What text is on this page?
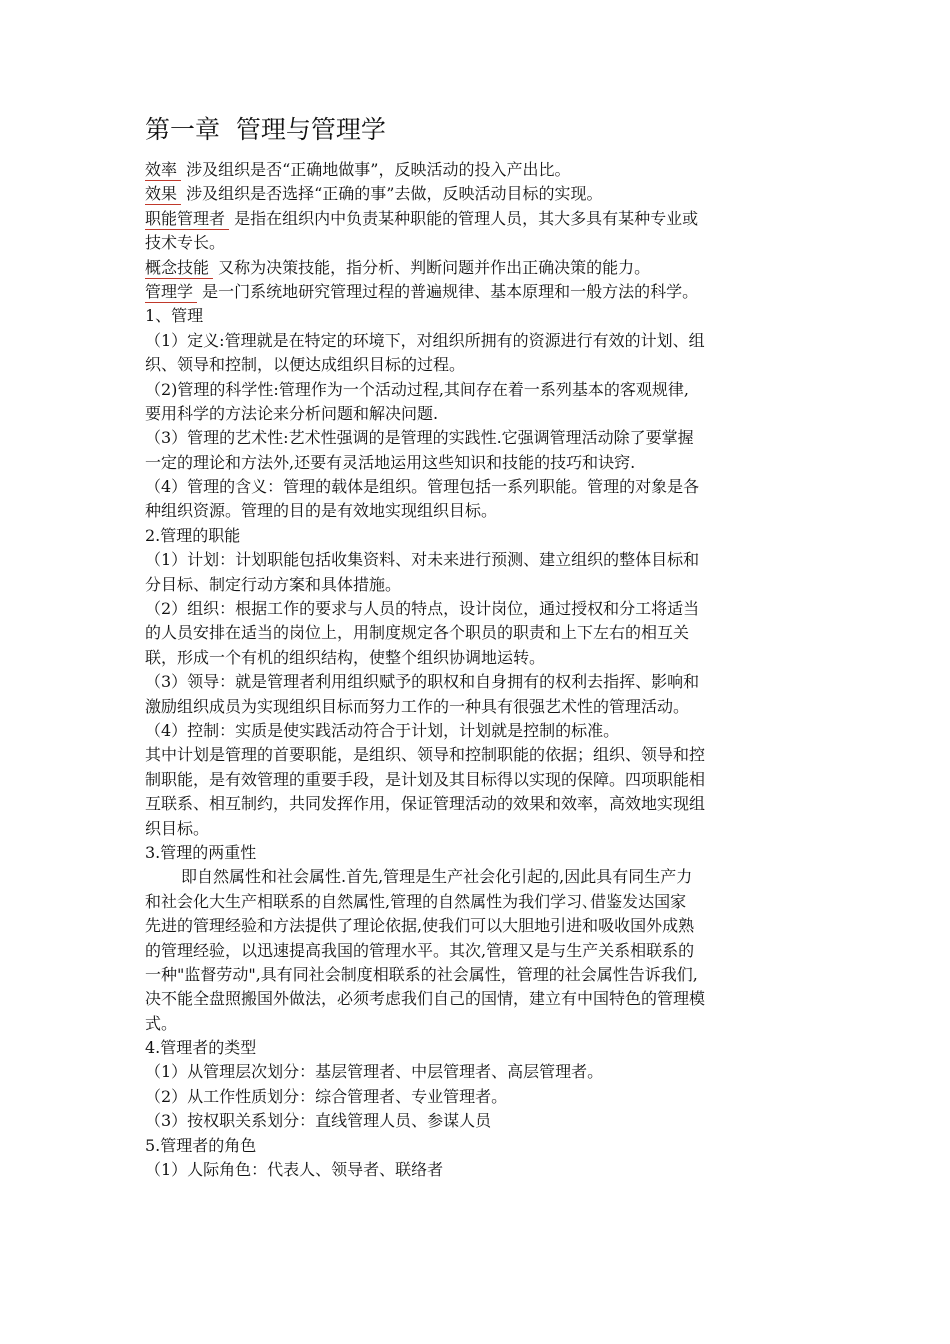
第一章  管理与管理学
效率 涉及组织是否“正确地做事”，反映活动的投入产出比。
效果 涉及组织是否选择“正确的事”去做，反映活动目标的实现。
职能管理者 是指在组织内中负责某种职能的管理人员，其大多具有某种专业或
技术专长。
概念技能 又称为决策技能，指分析、判断问题并作出正确决策的能力。
管理学 是一门系统地研究管理过程的普遍规律、基本原理和一般方法的科学。
1、管理
（1）定义:管理就是在特定的环境下，对组织所拥有的资源进行有效的计划、组
织、领导和控制，以便达成组织目标的过程。
（2)管理的科学性:管理作为一个活动过程,其间存在着一系列基本的客观规律,
要用科学的方法论来分析问题和解决问题.
（3）管理的艺术性:艺术性强调的是管理的实践性.它强调管理活动除了要掌握
一定的理论和方法外,还要有灵活地运用这些知识和技能的技巧和诀窍.
（4）管理的含义：管理的载体是组织。管理包括一系列职能。管理的对象是各
种组织资源。管理的目的是有效地实现组织目标。
2.管理的职能
（1）计划：计划职能包括收集资料、对未来进行预测、建立组织的整体目标和
分目标、制定行动方案和具体措施。
（2）组织：根据工作的要求与人员的特点，设计岗位，通过授权和分工将适当
的人员安排在适当的岗位上，用制度规定各个职员的职责和上下左右的相互关
联，形成一个有机的组织结构，使整个组织协调地运转。
（3）领导：就是管理者利用组织赋予的职权和自身拥有的权利去指挥、影响和
激励组织成员为实现组织目标而努力工作的一种具有很强艺术性的管理活动。
（4）控制：实质是使实践活动符合于计划，计划就是控制的标准。
其中计划是管理的首要职能，是组织、领导和控制职能的依据；组织、领导和控
制职能，是有效管理的重要手段，是计划及其目标得以实现的保障。四项职能相
互联系、相互制约，共同发挥作用，保证管理活动的效果和效率，高效地实现组
织目标。
3.管理的两重性
即自然属性和社会属性.首先,管理是生产社会化引起的,因此具有同生产力
和社会化大生产相联系的自然属性,管理的自然属性为我们学习､借鉴发达国家
先进的管理经验和方法提供了理论依据,使我们可以大胆地引进和吸收国外成熟
的管理经验，以迅速提高我国的管理水平。其次,管理又是与生产关系相联系的
一种"监督劳动",具有同社会制度相联系的社会属性，管理的社会属性告诉我们,
决不能全盘照搬国外做法，必须考虑我们自己的国情，建立有中国特色的管理模
式。
4.管理者的类型
（1）从管理层次划分：基层管理者、中层管理者、高层管理者。
（2）从工作性质划分：综合管理者、专业管理者。
（3）按权职关系划分：直线管理人员、参谋人员
5.管理者的角色
（1）人际角色：代表人、领导者、联络者
